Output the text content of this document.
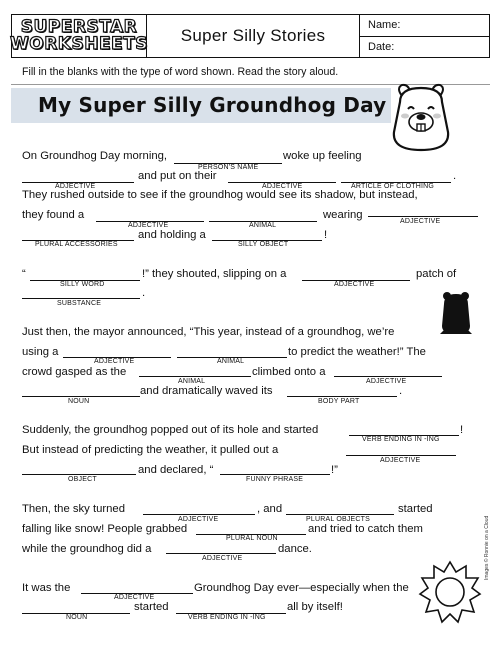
SUPERSTAR
WORKSHEETS	Super Silly Stories
Name:
Date:
Fill in the blanks with the type of word shown. Read the story aloud.
My Super Silly Groundhog Day
Images © Ronnie on a Cloud
On Groundhog Day morning,
PERSON'S NAME
woke up feeling
ADJECTIVE
and put on their
ADJECTIVE	ARTICLE OF CLOTHING
.
They rushed outside to see if the groundhog would see its shadow, but instead,
they found a
ADJECTIVE	ANIMAL
wearing
ADJECTIVE
PLURAL ACCESSORIES
and holding a
SILLY OBJECT
!
“
SILLY WORD
!” they shouted, slipping on a
ADJECTIVE
patch of
SUBSTANCE
.
Just then, the mayor announced, “This year, instead of a groundhog, we’re
using a
ADJECTIVE	ANIMAL
to predict the weather!” The
crowd gasped as the
ANIMAL
climbed onto a
ADJECTIVE
NOUN
and dramatically waved its
BODY PART
.
Suddenly, the groundhog popped out of its hole and started
VERB ENDING IN -ING
!
But instead of predicting the weather, it pulled out a
ADJECTIVE
OBJECT
and declared, “
FUNNY PHRASE
!”
Then, the sky turned
ADJECTIVE
, and
PLURAL OBJECTS
started
falling like snow! People grabbed
PLURAL NOUN
and tried to catch them
while the groundhog did a
ADJECTIVE
dance.
It was the
ADJECTIVE
Groundhog Day ever—especially when the
NOUN
started
VERB ENDING IN -ING
all by itself!
